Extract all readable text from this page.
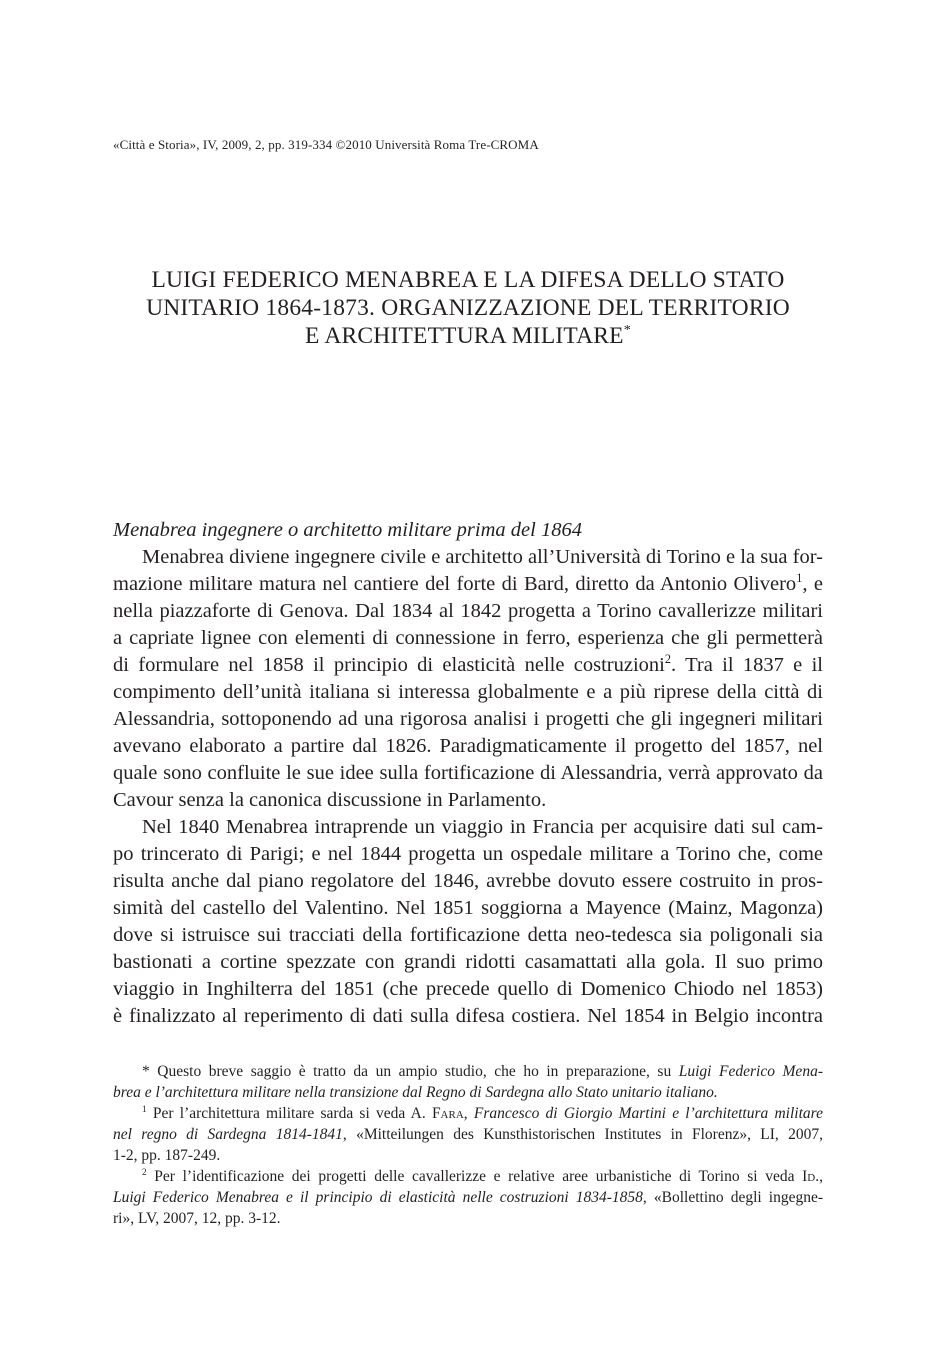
«Città e Storia», IV, 2009, 2, pp. 319-334 ©2010 Università Roma Tre-CROMA
LUIGI FEDERICO MENABREA E LA DIFESA DELLO STATO
UNITARIO 1864-1873. ORGANIZZAZIONE DEL TERRITORIO
E ARCHITETTURA MILITARE*
Menabrea ingegnere o architetto militare prima del 1864
Menabrea diviene ingegnere civile e architetto all’Università di Torino e la sua for-
mazione militare matura nel cantiere del forte di Bard, diretto da Antonio Olivero$^1$, e
nella piazzaforte di Genova. Dal 1834 al 1842 progetta a Torino cavallerizze militari
a capriate lignee con elementi di connessione in ferro, esperienza che gli permetterà
di formulare nel 1858 il principio di elasticità nelle costruzioni$^2$. Tra il 1837 e il
compimento dell’unità italiana si interessa globalmente e a più riprese della città di
Alessandria, sottoponendo ad una rigorosa analisi i progetti che gli ingegneri militari
avevano elaborato a partire dal 1826. Paradigmaticamente il progetto del 1857, nel
quale sono confluite le sue idee sulla fortificazione di Alessandria, verrà approvato da
Cavour senza la canonica discussione in Parlamento.
Nel 1840 Menabrea intraprende un viaggio in Francia per acquisire dati sul cam-
po trincerato di Parigi; e nel 1844 progetta un ospedale militare a Torino che, come
risulta anche dal piano regolatore del 1846, avrebbe dovuto essere costruito in pros-
simità del castello del Valentino. Nel 1851 soggiorna a Mayence (Mainz, Magonza)
dove si istruisce sui tracciati della fortificazione detta neo-tedesca sia poligonali sia
bastionati a cortine spezzate con grandi ridotti casamattati alla gola. Il suo primo
viaggio in Inghilterra del 1851 (che precede quello di Domenico Chiodo nel 1853)
è finalizzato al reperimento di dati sulla difesa costiera. Nel 1854 in Belgio incontra
* Questo breve saggio è tratto da un ampio studio, che ho in preparazione, su Luigi Federico Mena-
brea e l’architettura militare nella transizione dal Regno di Sardegna allo Stato unitario italiano.
$^1$ Per l’architettura militare sarda si veda A. Fara, Francesco di Giorgio Martini e l’architettura militare
nel regno di Sardegna 1814-1841, «Mitteilungen des Kunsthistorischen Institutes in Florenz», LI, 2007,
1-2, pp. 187-249.
$^2$ Per l’identificazione dei progetti delle cavallerizze e relative aree urbanistiche di Torino si veda Id.,
Luigi Federico Menabrea e il principio di elasticità nelle costruzioni 1834-1858, «Bollettino degli ingegne-
ri», LV, 2007, 12, pp. 3-12.
